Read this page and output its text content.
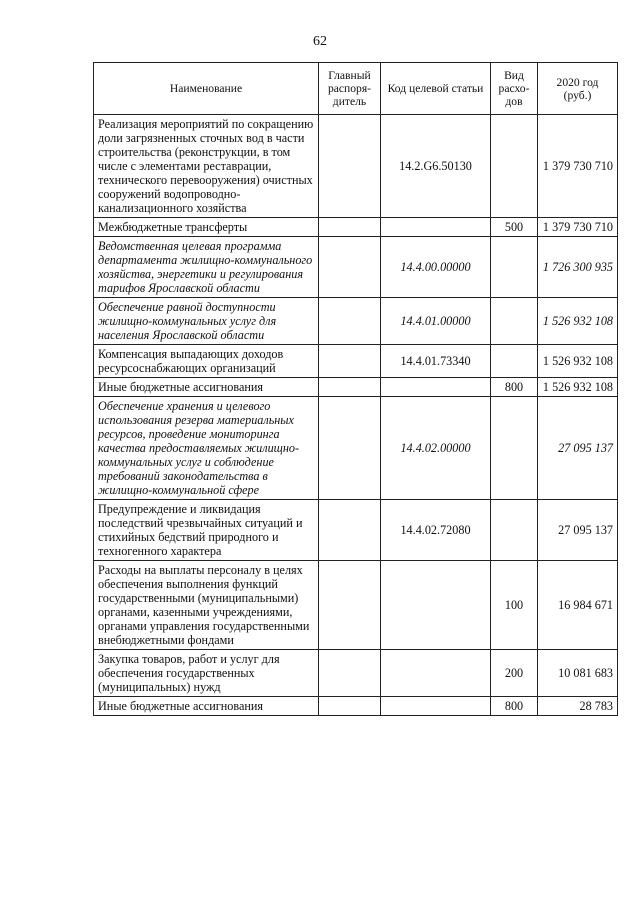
62
Наименование	Главный распоря-дитель	Код целевой статьи	Вид расхо-дов	2020 год (руб.)
Реализация мероприятий по сокращению доли загрязненных сточных вод в части строительства (реконструкции, в том числе с элементами реставрации, технического перевооружения) очистных сооружений водопроводно-канализационного хозяйства		14.2.G6.50130		1 379 730 710
Межбюджетные трансферты			500	1 379 730 710
Ведомственная целевая программа департамента жилищно-коммунального хозяйства, энергетики и регулирования тарифов Ярославской области		14.4.00.00000		1 726 300 935
Обеспечение равной доступности жилищно-коммунальных услуг для населения Ярославской области		14.4.01.00000		1 526 932 108
Компенсация выпадающих доходов ресурсоснабжающих организаций		14.4.01.73340		1 526 932 108
Иные бюджетные ассигнования			800	1 526 932 108
Обеспечение хранения и целевого использования резерва материальных ресурсов, проведение мониторинга качества предоставляемых жилищно-коммунальных услуг и соблюдение требований законодательства в жилищно-коммунальной сфере		14.4.02.00000		27 095 137
Предупреждение и ликвидация последствий чрезвычайных ситуаций и стихийных бедствий природного и техногенного характера		14.4.02.72080		27 095 137
Расходы на выплаты персоналу в целях обеспечения выполнения функций государственными (муниципальными) органами, казенными учреждениями, органами управления государственными внебюджетными фондами			100	16 984 671
Закупка товаров, работ и услуг для обеспечения государственных (муниципальных) нужд			200	10 081 683
Иные бюджетные ассигнования			800	28 783
